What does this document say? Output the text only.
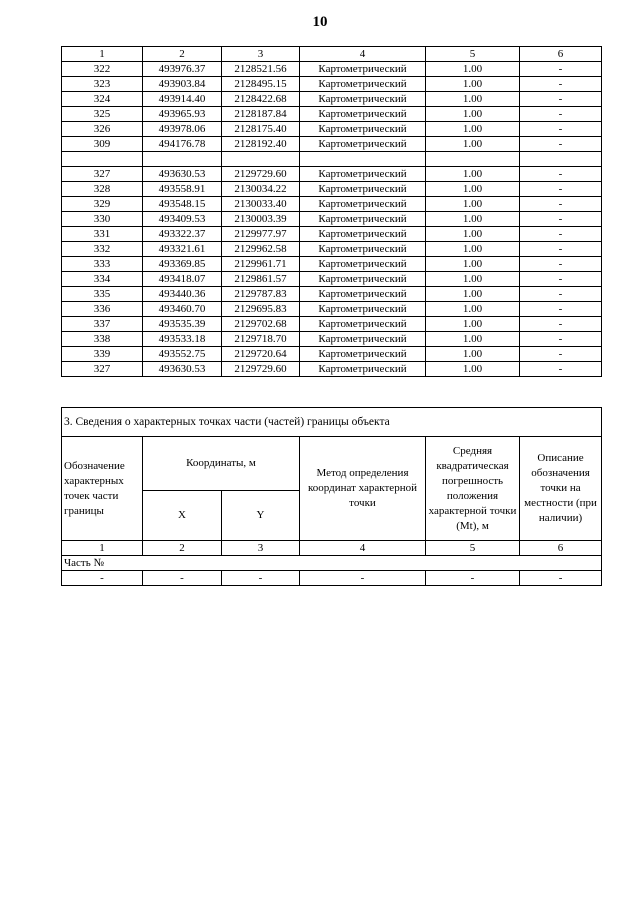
10
1	2	3	4	5	6
322	493976.37	2128521.56	Картометрический	1.00	-
323	493903.84	2128495.15	Картометрический	1.00	-
324	493914.40	2128422.68	Картометрический	1.00	-
325	493965.93	2128187.84	Картометрический	1.00	-
326	493978.06	2128175.40	Картометрический	1.00	-
309	494176.78	2128192.40	Картометрический	1.00	-

327	493630.53	2129729.60	Картометрический	1.00	-
328	493558.91	2130034.22	Картометрический	1.00	-
329	493548.15	2130033.40	Картометрический	1.00	-
330	493409.53	2130003.39	Картометрический	1.00	-
331	493322.37	2129977.97	Картометрический	1.00	-
332	493321.61	2129962.58	Картометрический	1.00	-
333	493369.85	2129961.71	Картометрический	1.00	-
334	493418.07	2129861.57	Картометрический	1.00	-
335	493440.36	2129787.83	Картометрический	1.00	-
336	493460.70	2129695.83	Картометрический	1.00	-
337	493535.39	2129702.68	Картометрический	1.00	-
338	493533.18	2129718.70	Картометрический	1.00	-
339	493552.75	2129720.64	Картометрический	1.00	-
327	493630.53	2129729.60	Картометрический	1.00	-
3. Сведения о характерных точках части (частей) границы объекта					
Обозначение характерных точек части границы	Координаты, м		Метод определения координат характерной точки	Средняя квадратическая погрешность положения характерной точки (Mt), м	Описание обозначения точки на местности (при наличии)
	X	Y			
1	2	3	4	5	6
Часть №					
-	-	-	-	-	-
